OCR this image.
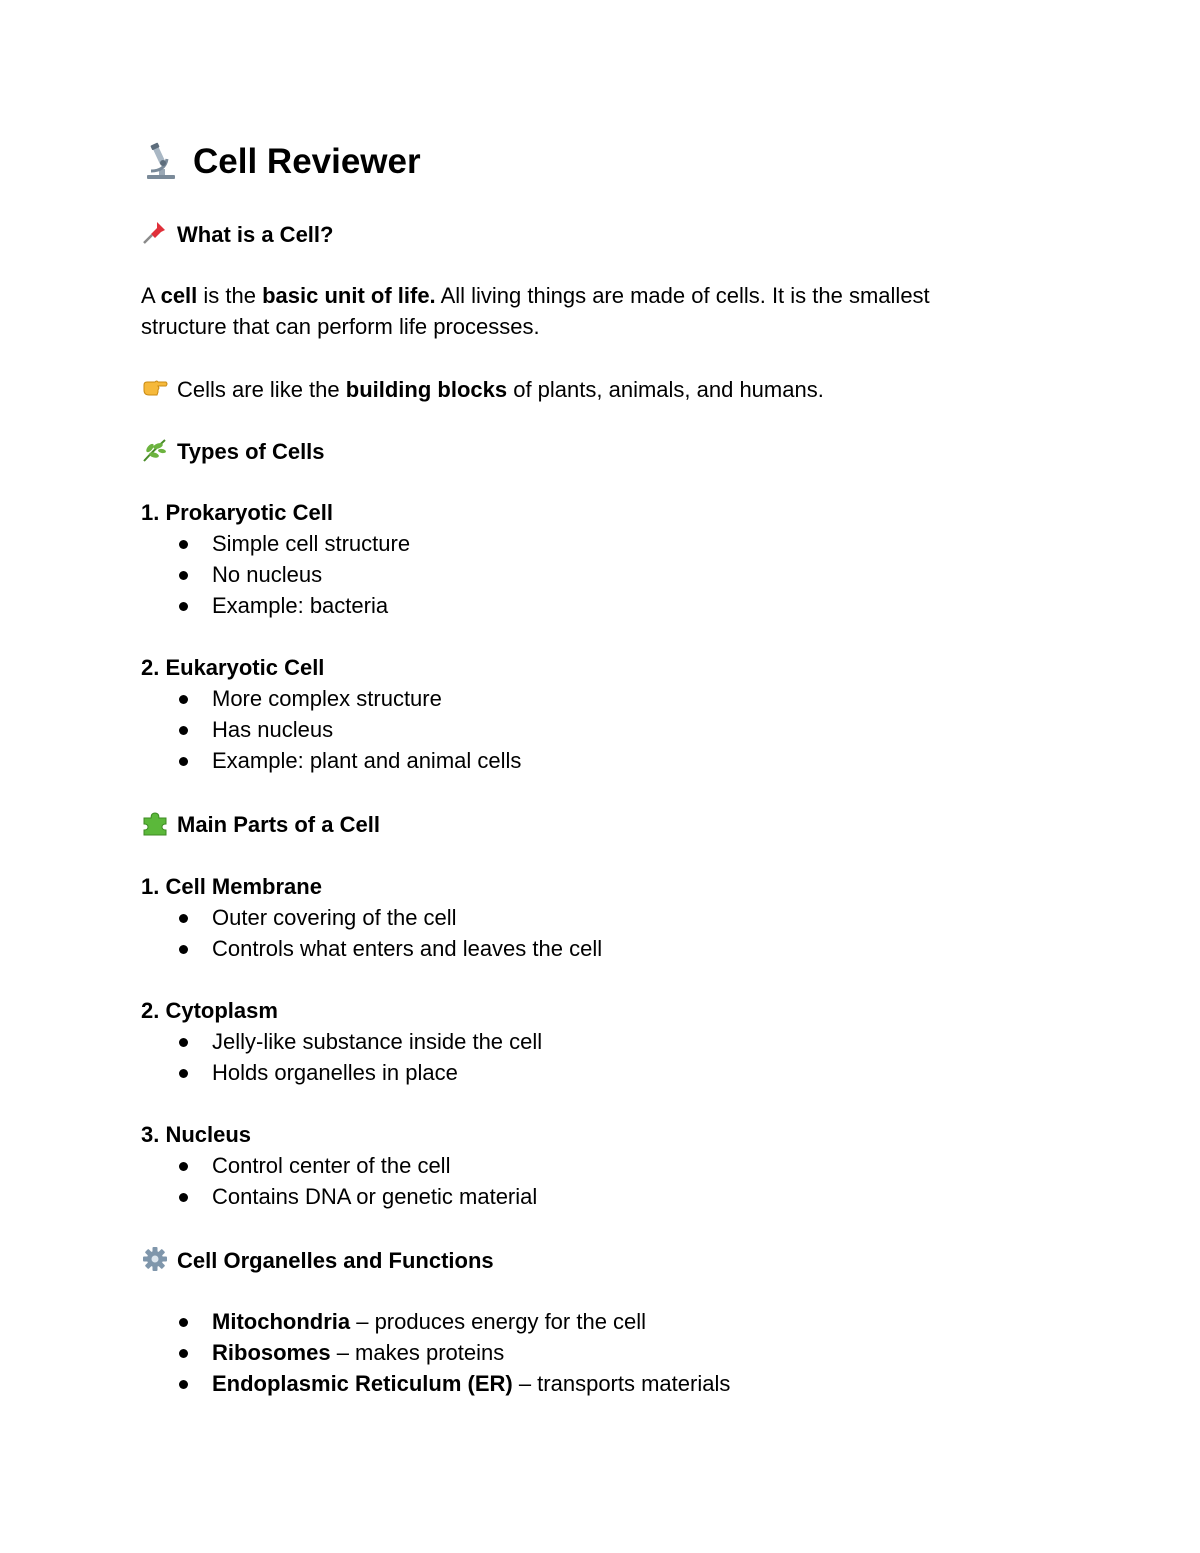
Cell Reviewer
What is a Cell?
A cell is the basic unit of life. All living things are made of cells. It is the smallest
structure that can perform life processes.
Cells are like the building blocks of plants, animals, and humans.
Types of Cells
1. Prokaryotic Cell
Simple cell structure
No nucleus
Example: bacteria
2. Eukaryotic Cell
More complex structure
Has nucleus
Example: plant and animal cells
Main Parts of a Cell
1. Cell Membrane
Outer covering of the cell
Controls what enters and leaves the cell
2. Cytoplasm
Jelly-like substance inside the cell
Holds organelles in place
3. Nucleus
Control center of the cell
Contains DNA or genetic material
Cell Organelles and Functions
Mitochondria – produces energy for the cell
Ribosomes – makes proteins
Endoplasmic Reticulum (ER) – transports materials
